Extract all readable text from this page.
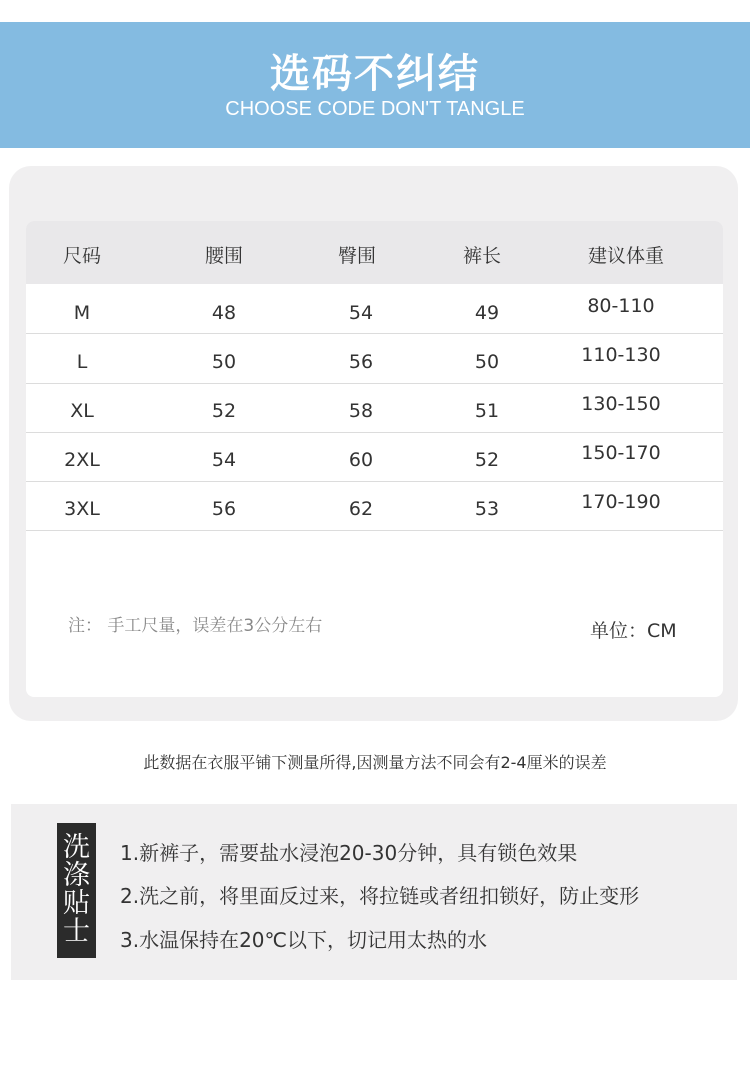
选码不纠结
CHOOSE CODE DON'T TANGLE
尺码	腰围	臀围	裤长	建议体重
M	48	54	49	80-110
L	50	56	50	110-130
XL	52	58	51	130-150
2XL	54	60	52	150-170
3XL	56	62	53	170-190
注： 手工尺量，误差在3公分左右	单位：CM
此数据在衣服平铺下测量所得,因测量方法不同会有2-4厘米的误差
洗
涤
贴
士
1.新裤子，需要盐水浸泡20-30分钟，具有锁色效果
2.洗之前，将里面反过来，将拉链或者纽扣锁好，防止变形
3.水温保持在20℃以下，切记用太热的水
